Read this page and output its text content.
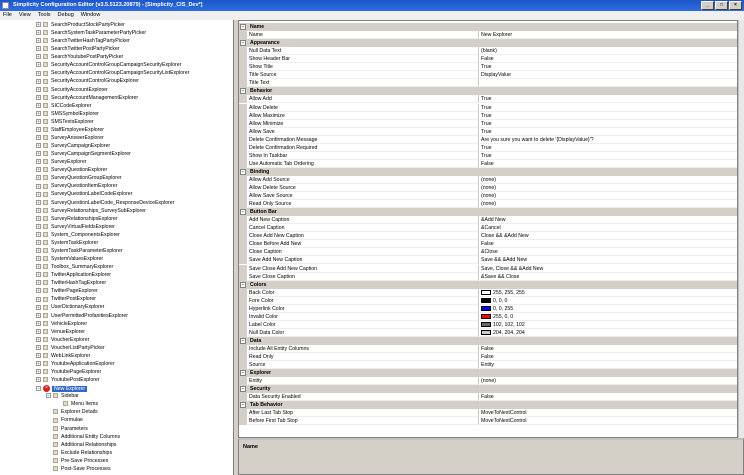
Simplicity Configuration Editor (v3.5.5123.20879) - [Simplicity_CIS_Dev*]	_	□	×
File View Tools Debug Window
+ SearchProductStockPartyPicker
+ SearchSystemTaskParameterPartyPicker
+ SearchTwitterHashTagPartyPicker
+ SearchTwitterPostPartyPicker
+ SearchYoutubePostPartyPicker
+ SecurityAccountControlGroupCampaignSecurityExplorer
+ SecurityAccountControlGroupCampaignSecurityListExplorer
+ SecurityAccountControlGroupExplorer
+ SecurityAccountExplorer
+ SecurityAccountManagementExplorer
+ SICCodeExplorer
+ SMSSymbolExplorer
+ SMSTextsExplorer
+ StaffEmployeeExplorer
+ SurveyAnswerExplorer
+ SurveyCampaignExplorer
+ SurveyCampaignSegmentExplorer
+ SurveyExplorer
+ SurveyQuestionExplorer
+ SurveyQuestionGroupExplorer
+ SurveyQuestionItemExplorer
+ SurveyQuestionLabelCodeExplorer
+ SurveyQuestionLabelCode_ResponseDeviceExplorer
+ SurveyRelationships_SurveySubExplorer
+ SurveyRelationshipsExplorer
+ SurveyVirtualFieldsExplorer
+ System_ComponentsExplorer
+ SystemTaskExplorer
+ SystemTaskParameterExplorer
+ SystemValuesExplorer
+ Toolbox_SummaryExplorer
+ TwitterApplicationExplorer
+ TwitterHashTagExplorer
+ TwitterPageExplorer
+ TwitterPostExplorer
+ UserDictionaryExplorer
+ UserPermittedProfanitiesExplorer
+ VehicleExplorer
+ VenueExplorer
+ VoucherExplorer
+ VoucherListPartyPicker
+ WebLinkExplorer
+ YoutubeApplicationExplorer
+ YoutubePageExplorer
+ YoutubePostExplorer
− × New Explorer
− Sidebar
Menu Items
Explorer Details
Formulae
Parameters
Additional Entity Columns
Additional Relationships
Exclude Relationships
Pre-Save Processes
Post-Save Processes
− Name
Name	New Explorer
− Appearance
Null Data Text	(blank)
Show Header Bar	False
Show Title	True
Title Source	DisplayValue
Title Text
− Behavior
Allow Add	True
Allow Delete	True
Allow Maximize	True
Allow Minimize	True
Allow Save	True
Delete Confirmation Message	Are you sure you want to delete '{DisplayValue}'?
Delete Confirmation Required	True
Show In Taskbar	True
Use Automatic Tab Ordering	False
− Binding
Allow Add Source	(none)
Allow Delete Source	(none)
Allow Save Source	(none)
Read Only Source	(none)
− Button Bar
Add New Caption	&Add New
Cancel Caption	&Cancel
Close Add New Caption	Close && &Add New
Close Before Add New	False
Close Caption	&Close
Save Add New Caption	Save && &Add New
Save Close Add New Caption	Save, Close && &Add New
Save Close Caption	&Save && Close
− Colors
Back Color	255, 255, 255
Fore Color	0, 0, 0
Hyperlink Color	0, 0, 255
Invalid Color	255, 0, 0
Label Color	102, 102, 102
Null Data Color	204, 204, 204
− Data
Include All Entity Columns	False
Read Only	False
Source	Entity
− Explorer
Entity	(none)
− Security
Data Security Enabled	False
− Tab Behavior
After Last Tab Stop	MoveToNextControl
Before First Tab Stop	MoveToNextControl
Name
